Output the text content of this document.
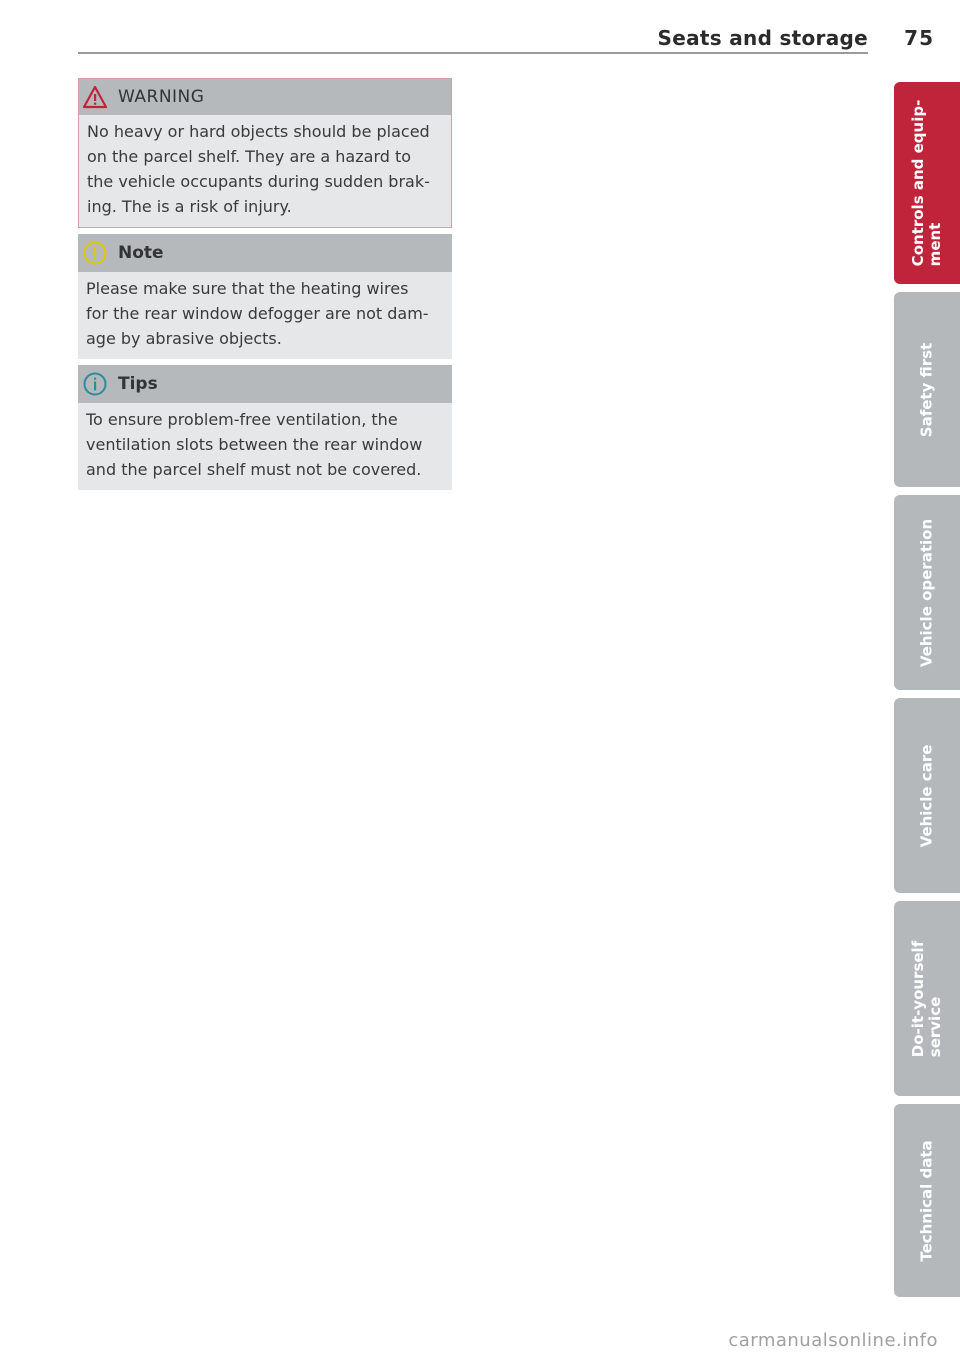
Seats and storage 75
WARNING

No heavy or hard objects should be placed

on the parcel shelf. They are a hazard to

the vehicle occupants during sudden brak-

ing. The is a risk of injury.

Note

Please make sure that the heating wires

for the rear window defogger are not dam-

age by abrasive objects.

Tips

To ensure problem-free ventilation, the

ventilation slots between the rear window

and the parcel shelf must not be covered.

Controls and equip- ment
Safety first
Vehicle operation
Vehicle care
Do-it-yourself service
Technical data
carmanualsonline.info
